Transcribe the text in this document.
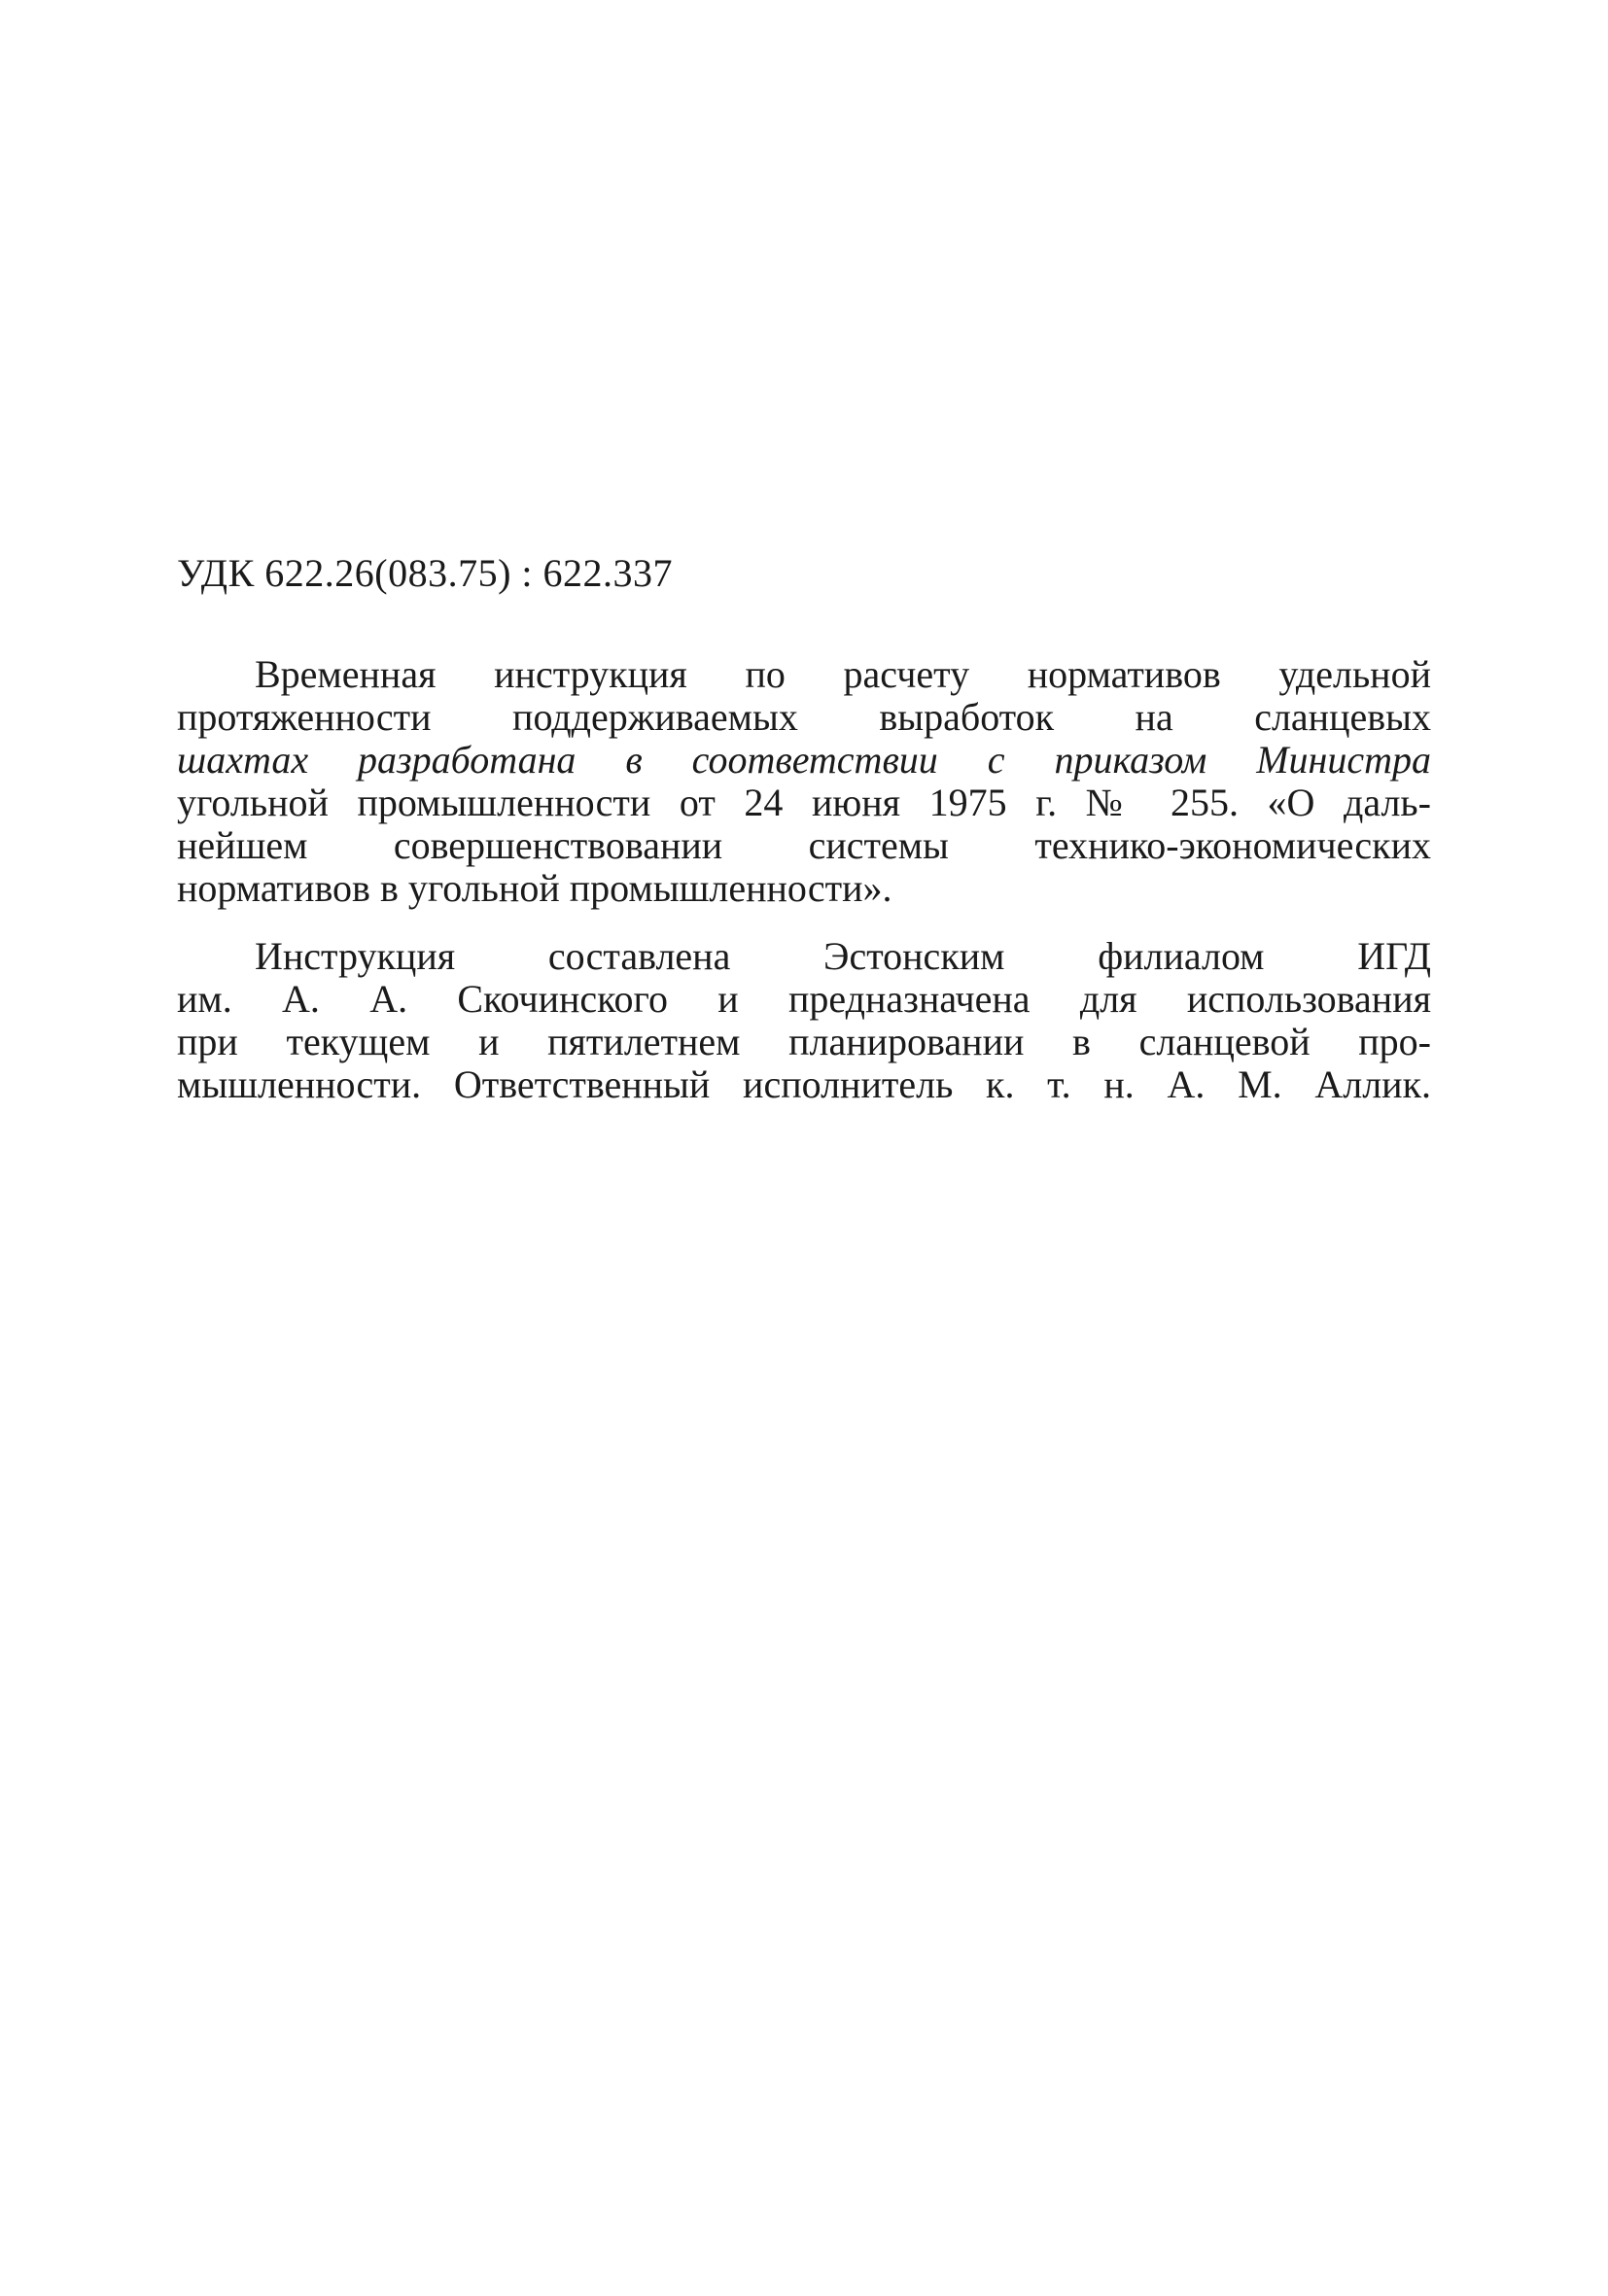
УДК 622.26(083.75) : 622.337

Временная инструкция по расчету нормативов удельной
протяженности поддерживаемых выработок на сланцевых
шахтах разработана в соответствии с приказом Министра
угольной промышленности от 24 июня 1975 г. № 255. «О даль-
нейшем совершенствовании системы технико-экономических
нормативов в угольной промышленности».

Инструкция составлена Эстонским филиалом ИГД
им. А. А. Скочинского и предназначена для использования
при текущем и пятилетнем планировании в сланцевой про-
мышленности. Ответственный исполнитель к. т. н. А. М. Аллик.
